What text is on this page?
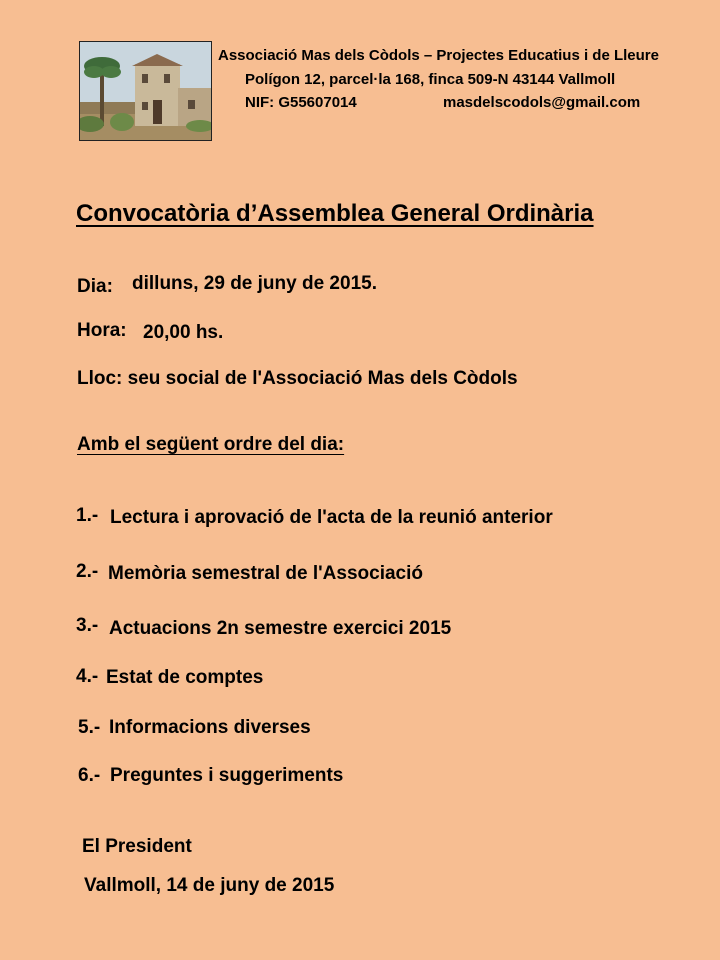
Associació Mas dels Còdols – Projectes Educatius i de Lleure
Polígon 12, parcel·la 168, finca 509-N 43144 Vallmoll
NIF: G55607014	masdelscodols@gmail.com
Convocatòria d’Assemblea General Ordinària
Dia: dilluns, 29 de juny de 2015.
Hora: 20,00 hs.
Lloc: seu social de l'Associació Mas dels Còdols
Amb el següent ordre del dia:
1.- Lectura i aprovació de l'acta de la reunió anterior
2.- Memòria semestral de l'Associació
3.- Actuacions 2n semestre exercici 2015
4.- Estat de comptes
5.- Informacions diverses
6.- Preguntes i suggeriments
El President
Vallmoll, 14 de juny de 2015
